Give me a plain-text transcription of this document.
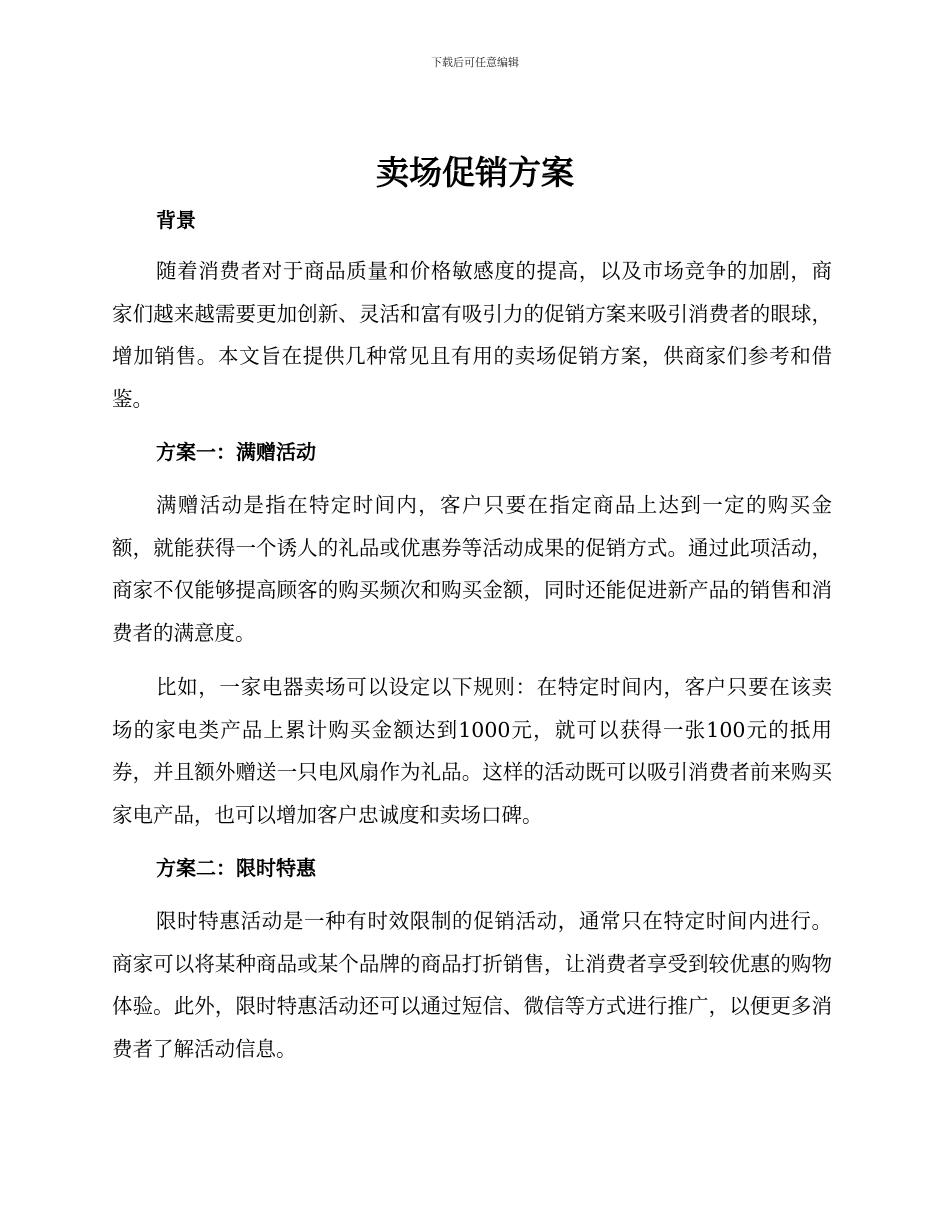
下载后可任意编辑
卖场促销方案
背景

随着消费者对于商品质量和价格敏感度的提高，以及市场竞争的加剧，商家们越来越需要更加创新、灵活和富有吸引力的促销方案来吸引消费者的眼球，增加销售。本文旨在提供几种常见且有用的卖场促销方案，供商家们参考和借鉴。

方案一：满赠活动

满赠活动是指在特定时间内，客户只要在指定商品上达到一定的购买金额，就能获得一个诱人的礼品或优惠券等活动成果的促销方式。通过此项活动，商家不仅能够提高顾客的购买频次和购买金额，同时还能促进新产品的销售和消费者的满意度。

比如，一家电器卖场可以设定以下规则：在特定时间内，客户只要在该卖场的家电类产品上累计购买金额达到1000元，就可以获得一张100元的抵用券，并且额外赠送一只电风扇作为礼品。这样的活动既可以吸引消费者前来购买家电产品，也可以增加客户忠诚度和卖场口碑。

方案二：限时特惠

限时特惠活动是一种有时效限制的促销活动，通常只在特定时间内进行。商家可以将某种商品或某个品牌的商品打折销售，让消费者享受到较优惠的购物体验。此外，限时特惠活动还可以通过短信、微信等方式进行推广，以便更多消费者了解活动信息。
